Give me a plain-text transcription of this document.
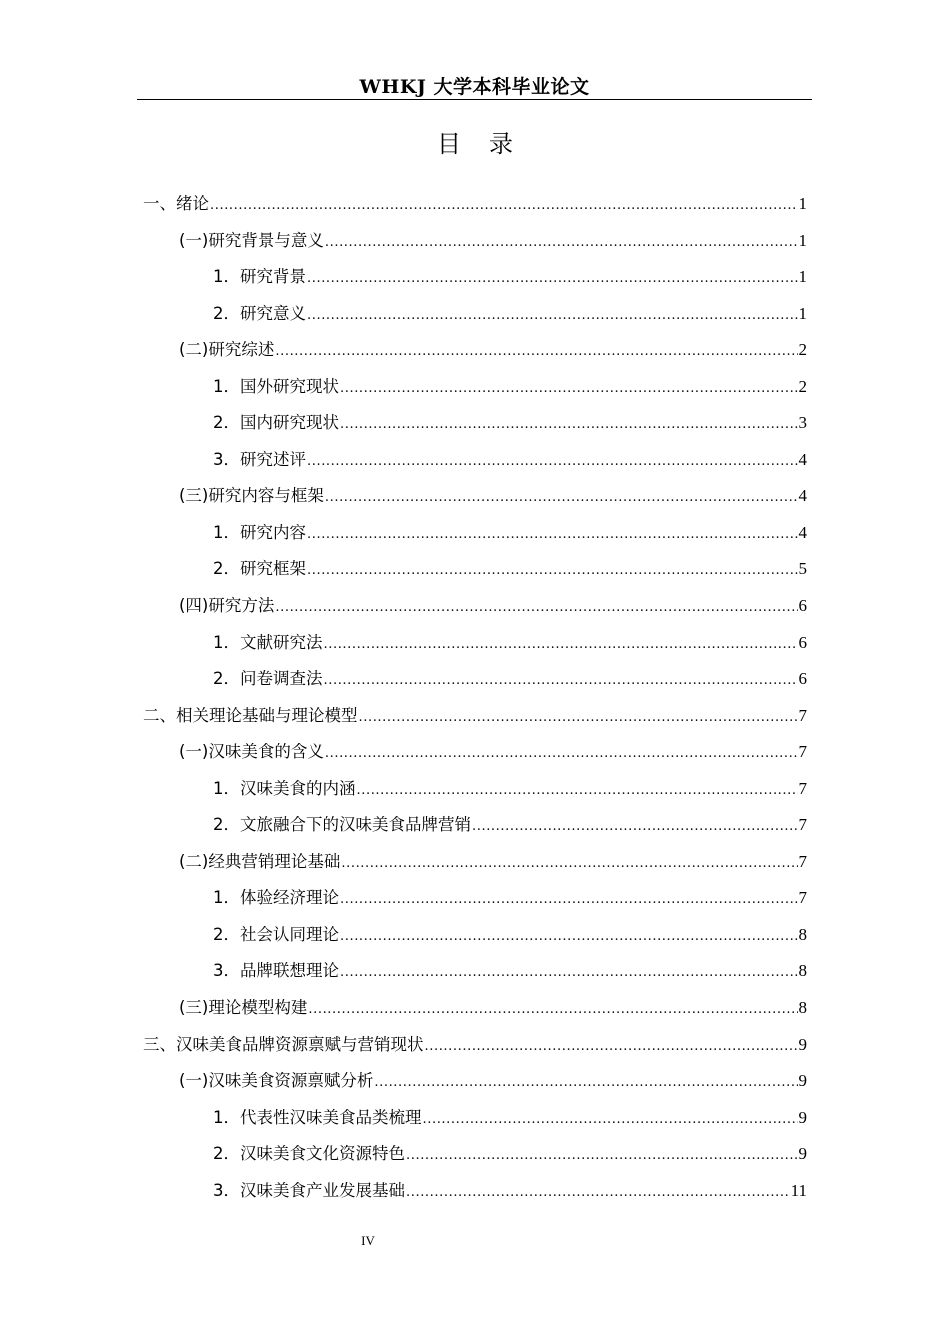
WHKJ 大学本科毕业论文
目录
一、绪论 .....	1
(一)研究背景与意义 .....	1
1．研究背景 .....	1
2．研究意义 .....	1
(二)研究综述 .....	2
1．国外研究现状 .....	2
2．国内研究现状 .....	3
3．研究述评 .....	4
(三)研究内容与框架 .....	4
1．研究内容 .....	4
2．研究框架 .....	5
(四)研究方法 .....	6
1．文献研究法 .....	6
2．问卷调查法 .....	6
二、相关理论基础与理论模型 .....	7
(一)汉味美食的含义 .....	7
1．汉味美食的内涵 .....	7
2．文旅融合下的汉味美食品牌营销 .....	7
(二)经典营销理论基础 .....	7
1．体验经济理论 .....	7
2．社会认同理论 .....	8
3．品牌联想理论 .....	8
(三)理论模型构建 .....	8
三、汉味美食品牌资源禀赋与营销现状 .....	9
(一)汉味美食资源禀赋分析 .....	9
1．代表性汉味美食品类梳理 .....	9
2．汉味美食文化资源特色 .....	9
3．汉味美食产业发展基础 .....	11
IV
